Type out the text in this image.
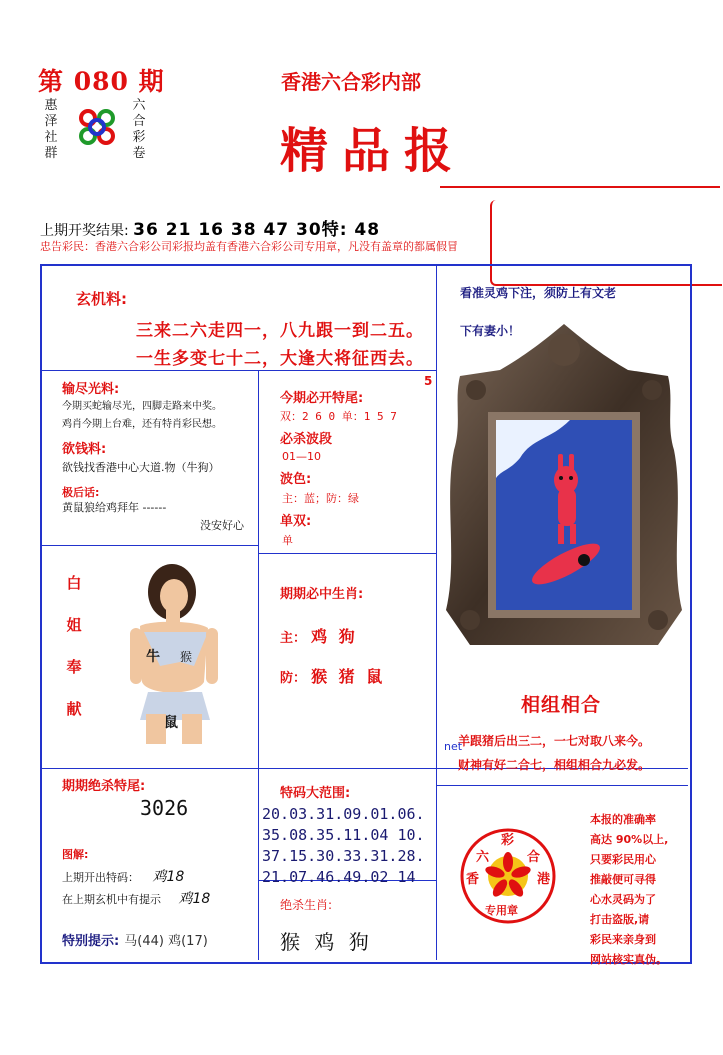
第 080 期
惠
泽
社
群
六
合
彩
卷
香港六合彩内部
精品报
上期开奖结果: 36 21 16 38 47 30特: 48
忠告彩民：香港六合彩公司彩报均盖有香港六合彩公司专用章，凡没有盖章的都属假冒
玄机料:
三来二六走四一，八九跟一到二五。
一生多变七十二，大逢大将征西去。
看准灵鸡下注，须防上有文老
下有妻小！
相组相合
羊跟猪后出三二，一七对取八来今。
财神有好二合七，相组相合九必发。
net
输尽光料:
今期买蛇输尽光，四脚走路来中奖。
鸡肖今期上台难，还有特肖彩民想。
欲钱料:
欲钱找香港中心大道.物（牛狗）
极后话:
黄鼠狼给鸡拜年 ------
没安好心
5
今期必开特尾:
双：2 6 0 单：1 5 7
必杀波段
01—10
波色:
主：蓝；防：绿
单双:
单
白
姐
奉
献
牛 猴
鼠
期期必中生肖:
主： 鸡 狗
防： 猴 猪 鼠
期期绝杀特尾:
3026
特码大范围:
20.03.31.09.01.06.
35.08.35.11.04 10.
37.15.30.33.31.28.
21.07.46.49.02 14
图解:
上期开出特码： 鸡18
在上期玄机中有提示 鸡18
特别提示: 马(44) 鸡(17)
绝杀生肖:
猴 鸡 狗
六
彩
合
香	港
专用章
本报的准确率
高达 90%以上,
只要彩民用心
推敲便可寻得
心水灵码为了
打击盗版,请
彩民来亲身到
网站核实真伪。
